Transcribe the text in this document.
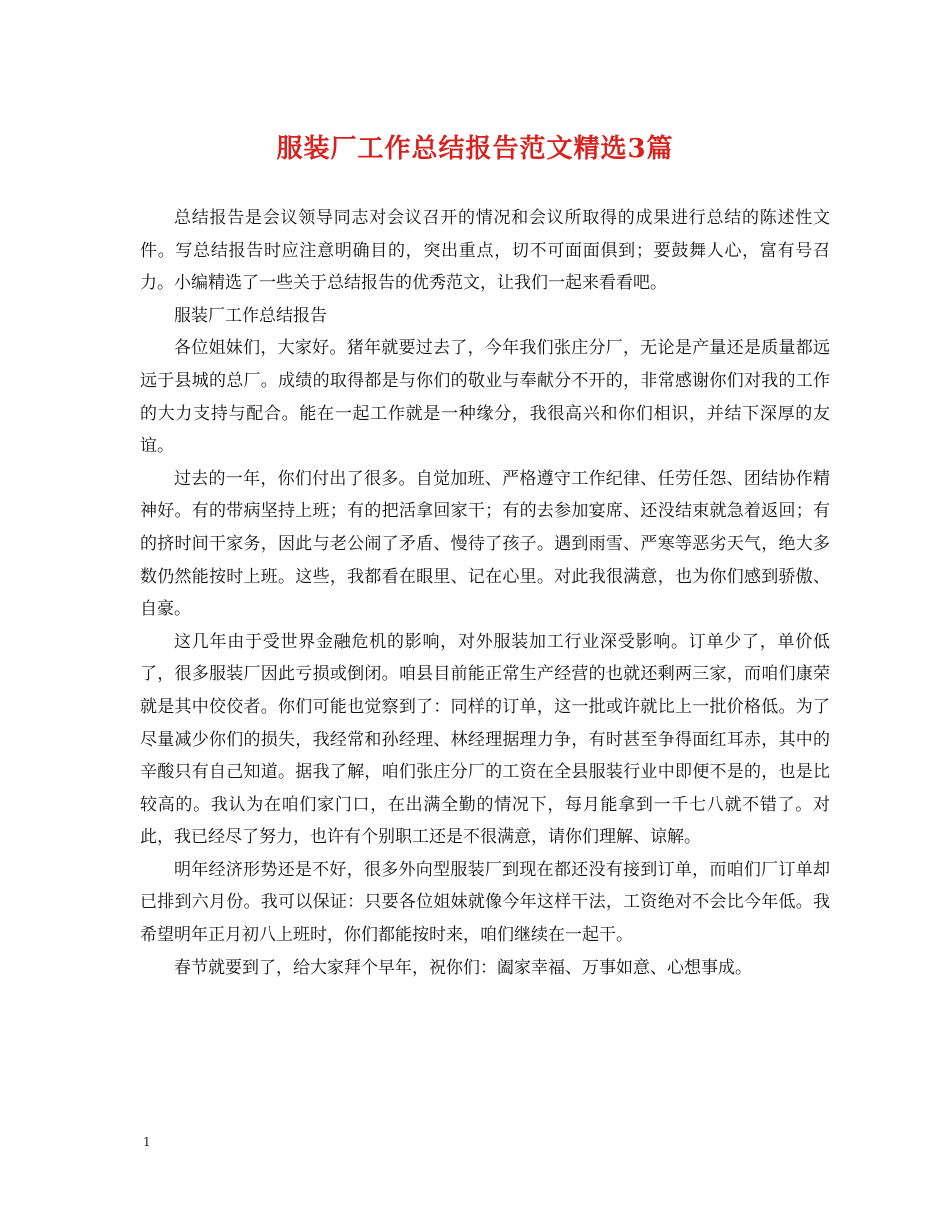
服装厂工作总结报告范文精选3篇

总结报告是会议领导同志对会议召开的情况和会议所取得的成果进行总结的陈述性文件。写总结报告时应注意明确目的，突出重点，切不可面面俱到；要鼓舞人心，富有号召力。小编精选了一些关于总结报告的优秀范文，让我们一起来看看吧。

服装厂工作总结报告

各位姐妹们，大家好。猪年就要过去了，今年我们张庄分厂，无论是产量还是质量都远远于县城的总厂。成绩的取得都是与你们的敬业与奉献分不开的，非常感谢你们对我的工作的大力支持与配合。能在一起工作就是一种缘分，我很高兴和你们相识，并结下深厚的友谊。

过去的一年，你们付出了很多。自觉加班、严格遵守工作纪律、任劳任怨、团结协作精神好。有的带病坚持上班；有的把活拿回家干；有的去参加宴席、还没结束就急着返回；有的挤时间干家务，因此与老公闹了矛盾、慢待了孩子。遇到雨雪、严寒等恶劣天气，绝大多数仍然能按时上班。这些，我都看在眼里、记在心里。对此我很满意，也为你们感到骄傲、自豪。

这几年由于受世界金融危机的影响，对外服装加工行业深受影响。订单少了，单价低了，很多服装厂因此亏损或倒闭。咱县目前能正常生产经营的也就还剩两三家，而咱们康荣就是其中佼佼者。你们可能也觉察到了：同样的订单，这一批或许就比上一批价格低。为了尽量减少你们的损失，我经常和孙经理、林经理据理力争，有时甚至争得面红耳赤，其中的辛酸只有自己知道。据我了解，咱们张庄分厂的工资在全县服装行业中即便不是的，也是比较高的。我认为在咱们家门口，在出满全勤的情况下，每月能拿到一千七八就不错了。对此，我已经尽了努力，也许有个别职工还是不很满意，请你们理解、谅解。

明年经济形势还是不好，很多外向型服装厂到现在都还没有接到订单，而咱们厂订单却已排到六月份。我可以保证：只要各位姐妹就像今年这样干法，工资绝对不会比今年低。我希望明年正月初八上班时，你们都能按时来，咱们继续在一起干。

春节就要到了，给大家拜个早年，祝你们：阖家幸福、万事如意、心想事成。

1
